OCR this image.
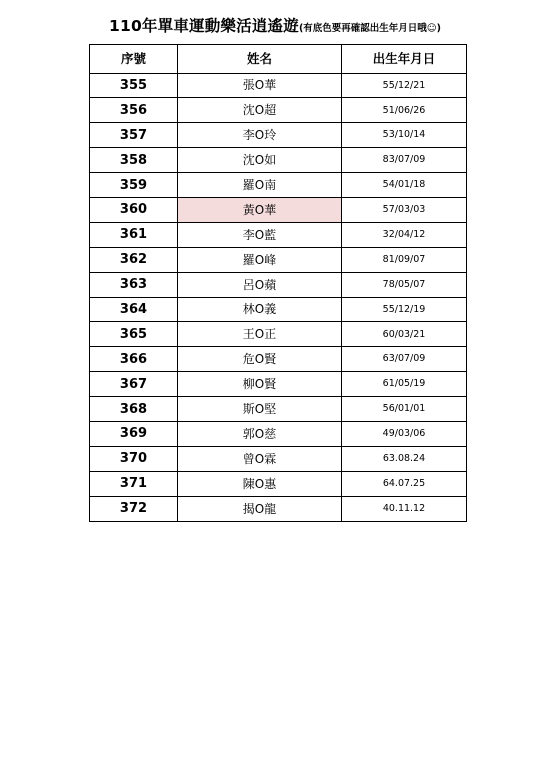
110年單車運動樂活逍遙遊(有底色要再確認出生年月日哦☺)
序號	姓名	出生年月日
355	張O華	55/12/21
356	沈O超	51/06/26
357	李O玲	53/10/14
358	沈O如	83/07/09
359	羅O南	54/01/18
360	黃O華	57/03/03
361	李O藍	32/04/12
362	羅O峰	81/09/07
363	呂O蘋	78/05/07
364	林O義	55/12/19
365	王O正	60/03/21
366	危O賢	63/07/09
367	柳O賢	61/05/19
368	斯O堅	56/01/01
369	郭O慈	49/03/06
370	曾O霖	63.08.24
371	陳O惠	64.07.25
372	揭O龍	40.11.12
